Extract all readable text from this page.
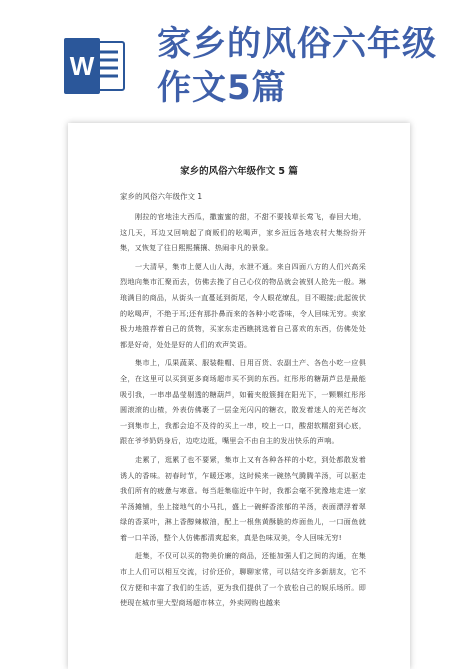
W
家乡的风俗六年级
作文5篇
家乡的风俗六年级作文 5 篇
家乡的风俗六年级作文 1

刚拉的官地洼大西瓜，撒蜜蜜的甜，不甜不要钱草长莺飞，春回大地，这几天，耳边又回响起了商贩们的吆喝声，家乡洹远各地农村大集纷纷开集，又恢复了往日熙熙攘攘、热闹非凡的景象。

一大清早，集市上便人山人海，水泄不通。来自四面八方的人们兴高采烈地向集市汇聚而去，仿佛去挽了自己心仪的物品就会被别人抢先一般。琳琅满目的商品，从街头一直蔓延到街尾，令人眼花缭乱，目不暇接;此起彼伏的吆喝声，不绝于耳;还有那扑鼻而来的各种小吃香味，令人回味无穷。卖家极力地推荐着自己的货物，买家东走西瞧挑选着自己喜欢的东西，仿佛处处都是好奇，处处是好的人们的欢声笑语。

集市上，瓜果蔬菜、服装鞋帽、日用百货、农副土产、各色小吃一应俱全，在这里可以买到更多商场超市买不到的东西。红彤彤的糖葫芦总是最能吸引我，一串串晶莹剔透的糖葫芦，如葡夹般簇拥在阳光下，一颗颗红彤彤圆滚滚的山楂，外表仿佛裹了一层金光闪闪的糖衣，散发着迷人的光芒每次一到集市上，我都会迫不及待的买上一串，咬上一口，酸甜软糯甜到心底，跟在爷爷奶奶身后，边吃边逛，嘴里会不由自主的发出快乐的声响。

走累了，逛累了也不要紧，集市上又有各种各样的小吃，到处都散发着诱人的香味。初春时节，乍暖还寒，这时候来一碗热气腾腾羊汤，可以驱走我们所有的疲惫与寒意。每当赶集临近中午时，我都会毫不犹豫地走进一家羊汤摊铺，坐上接地气的小马扎，盛上一碗鲜香浓郁的羊汤，表面漂浮着翠绿的香菜叶，淋上香醇辣椒油，配上一根焦黄酥脆的炸面鱼儿，一口面鱼就着一口羊汤，整个人仿佛都清爽起来，真是色味双美，令人回味无穷!

赶集，不仅可以买的物美价廉的商品，还能加强人们之间的沟通，在集市上人们可以相互交流，讨价还价，聊聊家常，可以结交许多新朋友，它不仅方便和丰富了我们的生活，更为我们提供了一个放松自己的娱乐场所。即使现在城市里大型商场超市林立，外卖网购也越来
